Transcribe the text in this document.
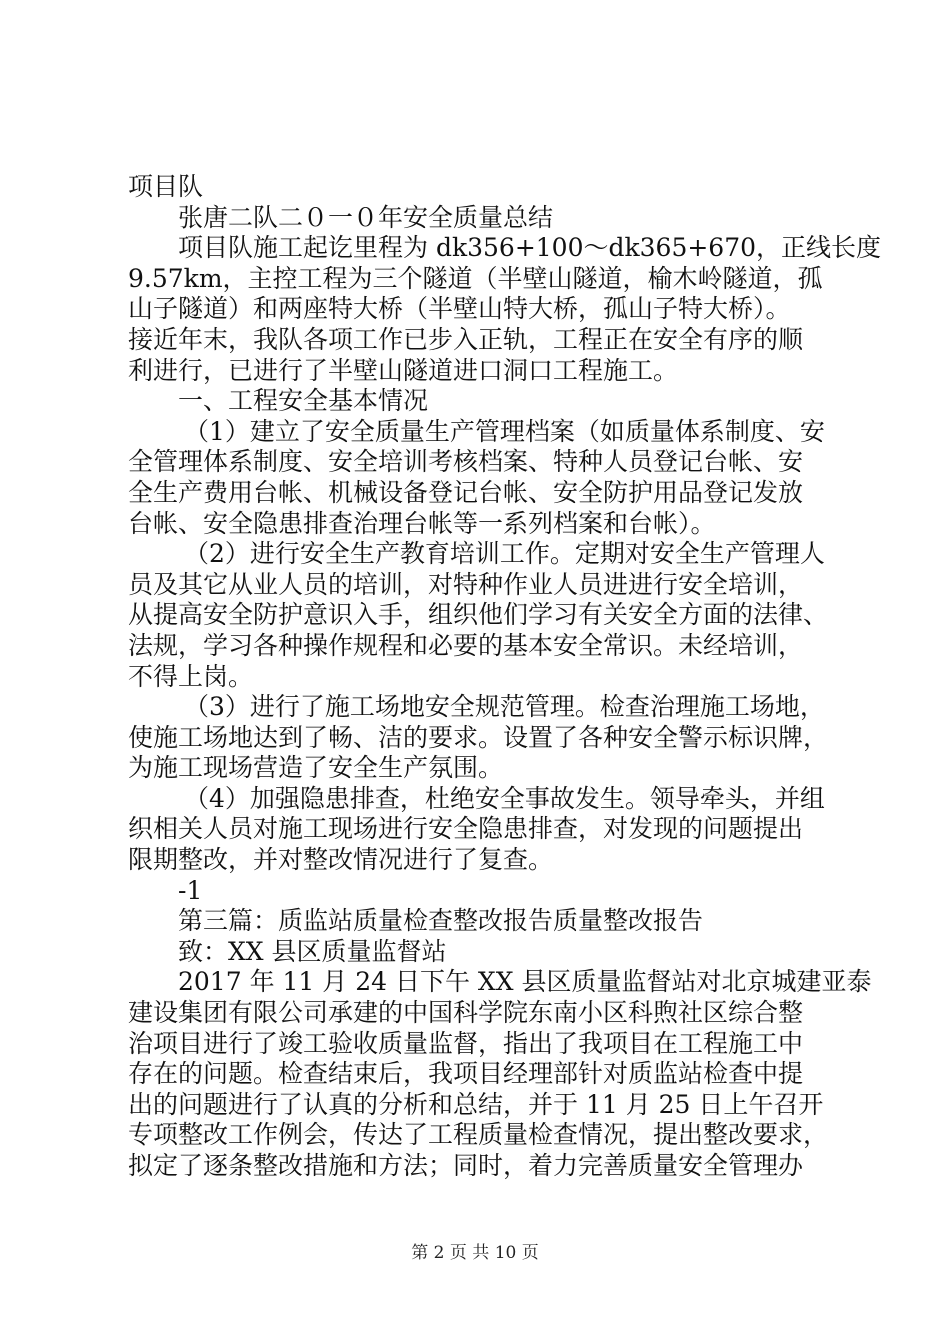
项目队
张唐二队二０一０年安全质量总结
项目队施工起讫里程为 dk356+100～dk365+670，正线长度
9.57km，主控工程为三个隧道（半壁山隧道，榆木岭隧道，孤
山子隧道）和两座特大桥（半壁山特大桥，孤山子特大桥）。
接近年末，我队各项工作已步入正轨，工程正在安全有序的顺
利进行，已进行了半壁山隧道进口洞口工程施工。
一、工程安全基本情况
（1）建立了安全质量生产管理档案（如质量体系制度、安
全管理体系制度、安全培训考核档案、特种人员登记台帐、安
全生产费用台帐、机械设备登记台帐、安全防护用品登记发放
台帐、安全隐患排查治理台帐等一系列档案和台帐）。
（2）进行安全生产教育培训工作。定期对安全生产管理人
员及其它从业人员的培训，对特种作业人员进进行安全培训，
从提高安全防护意识入手，组织他们学习有关安全方面的法律、
法规，学习各种操作规程和必要的基本安全常识。未经培训，
不得上岗。
（3）进行了施工场地安全规范管理。检查治理施工场地，
使施工场地达到了畅、洁的要求。设置了各种安全警示标识牌，
为施工现场营造了安全生产氛围。
（4）加强隐患排查，杜绝安全事故发生。领导牵头，并组
织相关人员对施工现场进行安全隐患排查，对发现的问题提出
限期整改，并对整改情况进行了复查。
-1
第三篇：质监站质量检查整改报告质量整改报告
致：XX 县区质量监督站
2017 年 11 月 24 日下午 XX 县区质量监督站对北京城建亚泰
建设集团有限公司承建的中国科学院东南小区科煦社区综合整
治项目进行了竣工验收质量监督，指出了我项目在工程施工中
存在的问题。检查结束后，我项目经理部针对质监站检查中提
出的问题进行了认真的分析和总结，并于 11 月 25 日上午召开
专项整改工作例会，传达了工程质量检查情况，提出整改要求，
拟定了逐条整改措施和方法；同时，着力完善质量安全管理办
第 2 页 共 10 页
